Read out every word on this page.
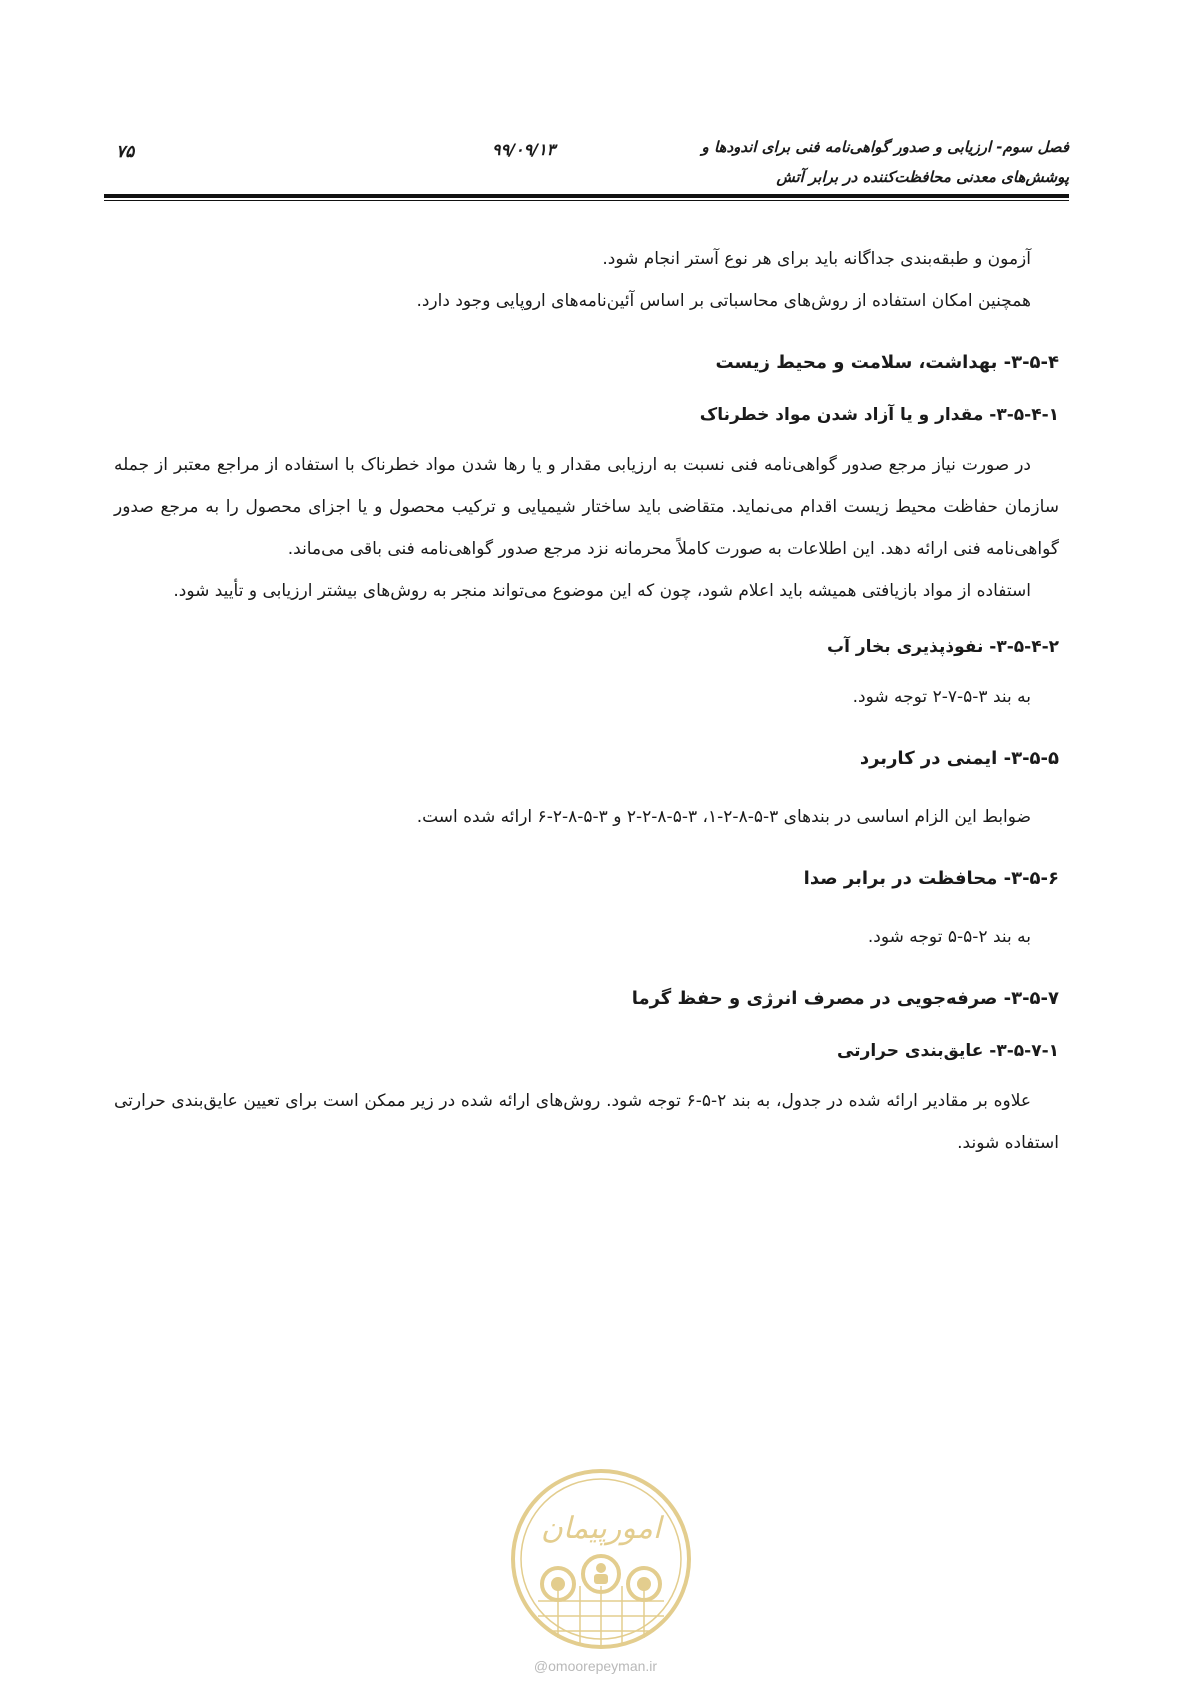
فصل سوم- ارزیابی و صدور گواهی‌نامه فنی برای اندودها و
پوشش‌های معدنی محافظت‌کننده در برابر آتش
۹۹/۰۹/۱۳
۷۵

آزمون و طبقه‌بندی جداگانه باید برای هر نوع آستر انجام شود.

همچنین امکان استفاده از روش‌های محاسباتی بر اساس آئین‌نامه‌های اروپایی وجود دارد.

۳-۵-۴- بهداشت، سلامت و محیط زیست
۳-۵-۴-۱- مقدار و یا آزاد شدن مواد خطرناک

در صورت نیاز مرجع صدور گواهی‌نامه فنی نسبت به ارزیابی مقدار و یا رها شدن مواد خطرناک با استفاده از مراجع معتبر از جمله سازمان حفاظت محیط زیست اقدام می‌نماید. متقاضی باید ساختار شیمیایی و ترکیب محصول و یا اجزای محصول را به مرجع صدور گواهی‌نامه فنی ارائه دهد. این اطلاعات به صورت کاملاً محرمانه نزد مرجع صدور گواهی‌نامه فنی باقی می‌ماند.

استفاده از مواد بازیافتی همیشه باید اعلام شود، چون که این موضوع می‌تواند منجر به روش‌های بیشتر ارزیابی و تأیید شود.

۳-۵-۴-۲- نفوذپذیری بخار آب

به بند ۳-۵-۷-۲ توجه شود.

۳-۵-۵- ایمنی در کاربرد

ضوابط این الزام اساسی در بندهای ۳-۵-۸-۲-۱، ۳-۵-۸-۲-۲ و ۳-۵-۸-۲-۶ ارائه شده است.

۳-۵-۶- محافظت در برابر صدا

به بند ۲-۵-۵ توجه شود.

۳-۵-۷- صرفه‌جویی در مصرف انرژی و حفظ گرما
۳-۵-۷-۱- عایق‌بندی حرارتی

علاوه بر مقادیر ارائه شده در جدول، به بند ۲-۵-۶ توجه شود. روش‌های ارائه شده در زیر ممکن است برای تعیین عایق‌بندی حرارتی استفاده شوند.

امورپیمان
@omoorepeyman.ir
